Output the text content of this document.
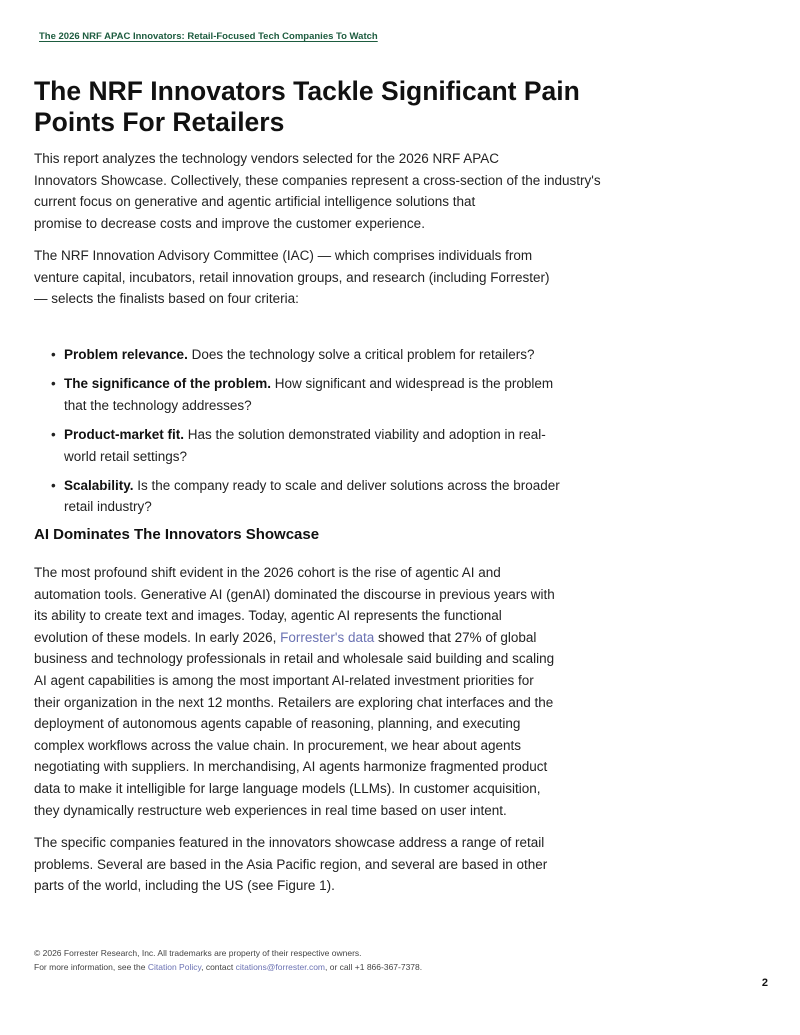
The 2026 NRF APAC Innovators: Retail-Focused Tech Companies To Watch
The NRF Innovators Tackle Significant Pain
Points For Retailers

This report analyzes the technology vendors selected for the 2026 NRF APAC
Innovators Showcase. Collectively, these companies represent a cross-section of the industry's
current focus on generative and agentic artificial intelligence solutions that
promise to decrease costs and improve the customer experience.

The NRF Innovation Advisory Committee (IAC) — which comprises individuals from
venture capital, incubators, retail innovation groups, and research (including Forrester)
— selects the finalists based on four criteria:

• Problem relevance. Does the technology solve a critical problem for retailers?
• The significance of the problem. How significant and widespread is the problem
that the technology addresses?
• Product-market fit. Has the solution demonstrated viability and adoption in real-
world retail settings?
• Scalability. Is the company ready to scale and deliver solutions across the broader
retail industry?
AI Dominates The Innovators Showcase

The most profound shift evident in the 2026 cohort is the rise of agentic AI and
automation tools. Generative AI (genAI) dominated the discourse in previous years with
its ability to create text and images. Today, agentic AI represents the functional
evolution of these models. In early 2026, Forrester's data showed that 27% of global
business and technology professionals in retail and wholesale said building and scaling
AI agent capabilities is among the most important AI-related investment priorities for
their organization in the next 12 months. Retailers are exploring chat interfaces and the
deployment of autonomous agents capable of reasoning, planning, and executing
complex workflows across the value chain. In procurement, we hear about agents
negotiating with suppliers. In merchandising, AI agents harmonize fragmented product
data to make it intelligible for large language models (LLMs). In customer acquisition,
they dynamically restructure web experiences in real time based on user intent.

The specific companies featured in the innovators showcase address a range of retail
problems. Several are based in the Asia Pacific region, and several are based in other
parts of the world, including the US (see Figure 1).

© 2026 Forrester Research, Inc. All trademarks are property of their respective owners.
For more information, see the Citation Policy, contact citations@forrester.com, or call +1 866-367-7378.
2
